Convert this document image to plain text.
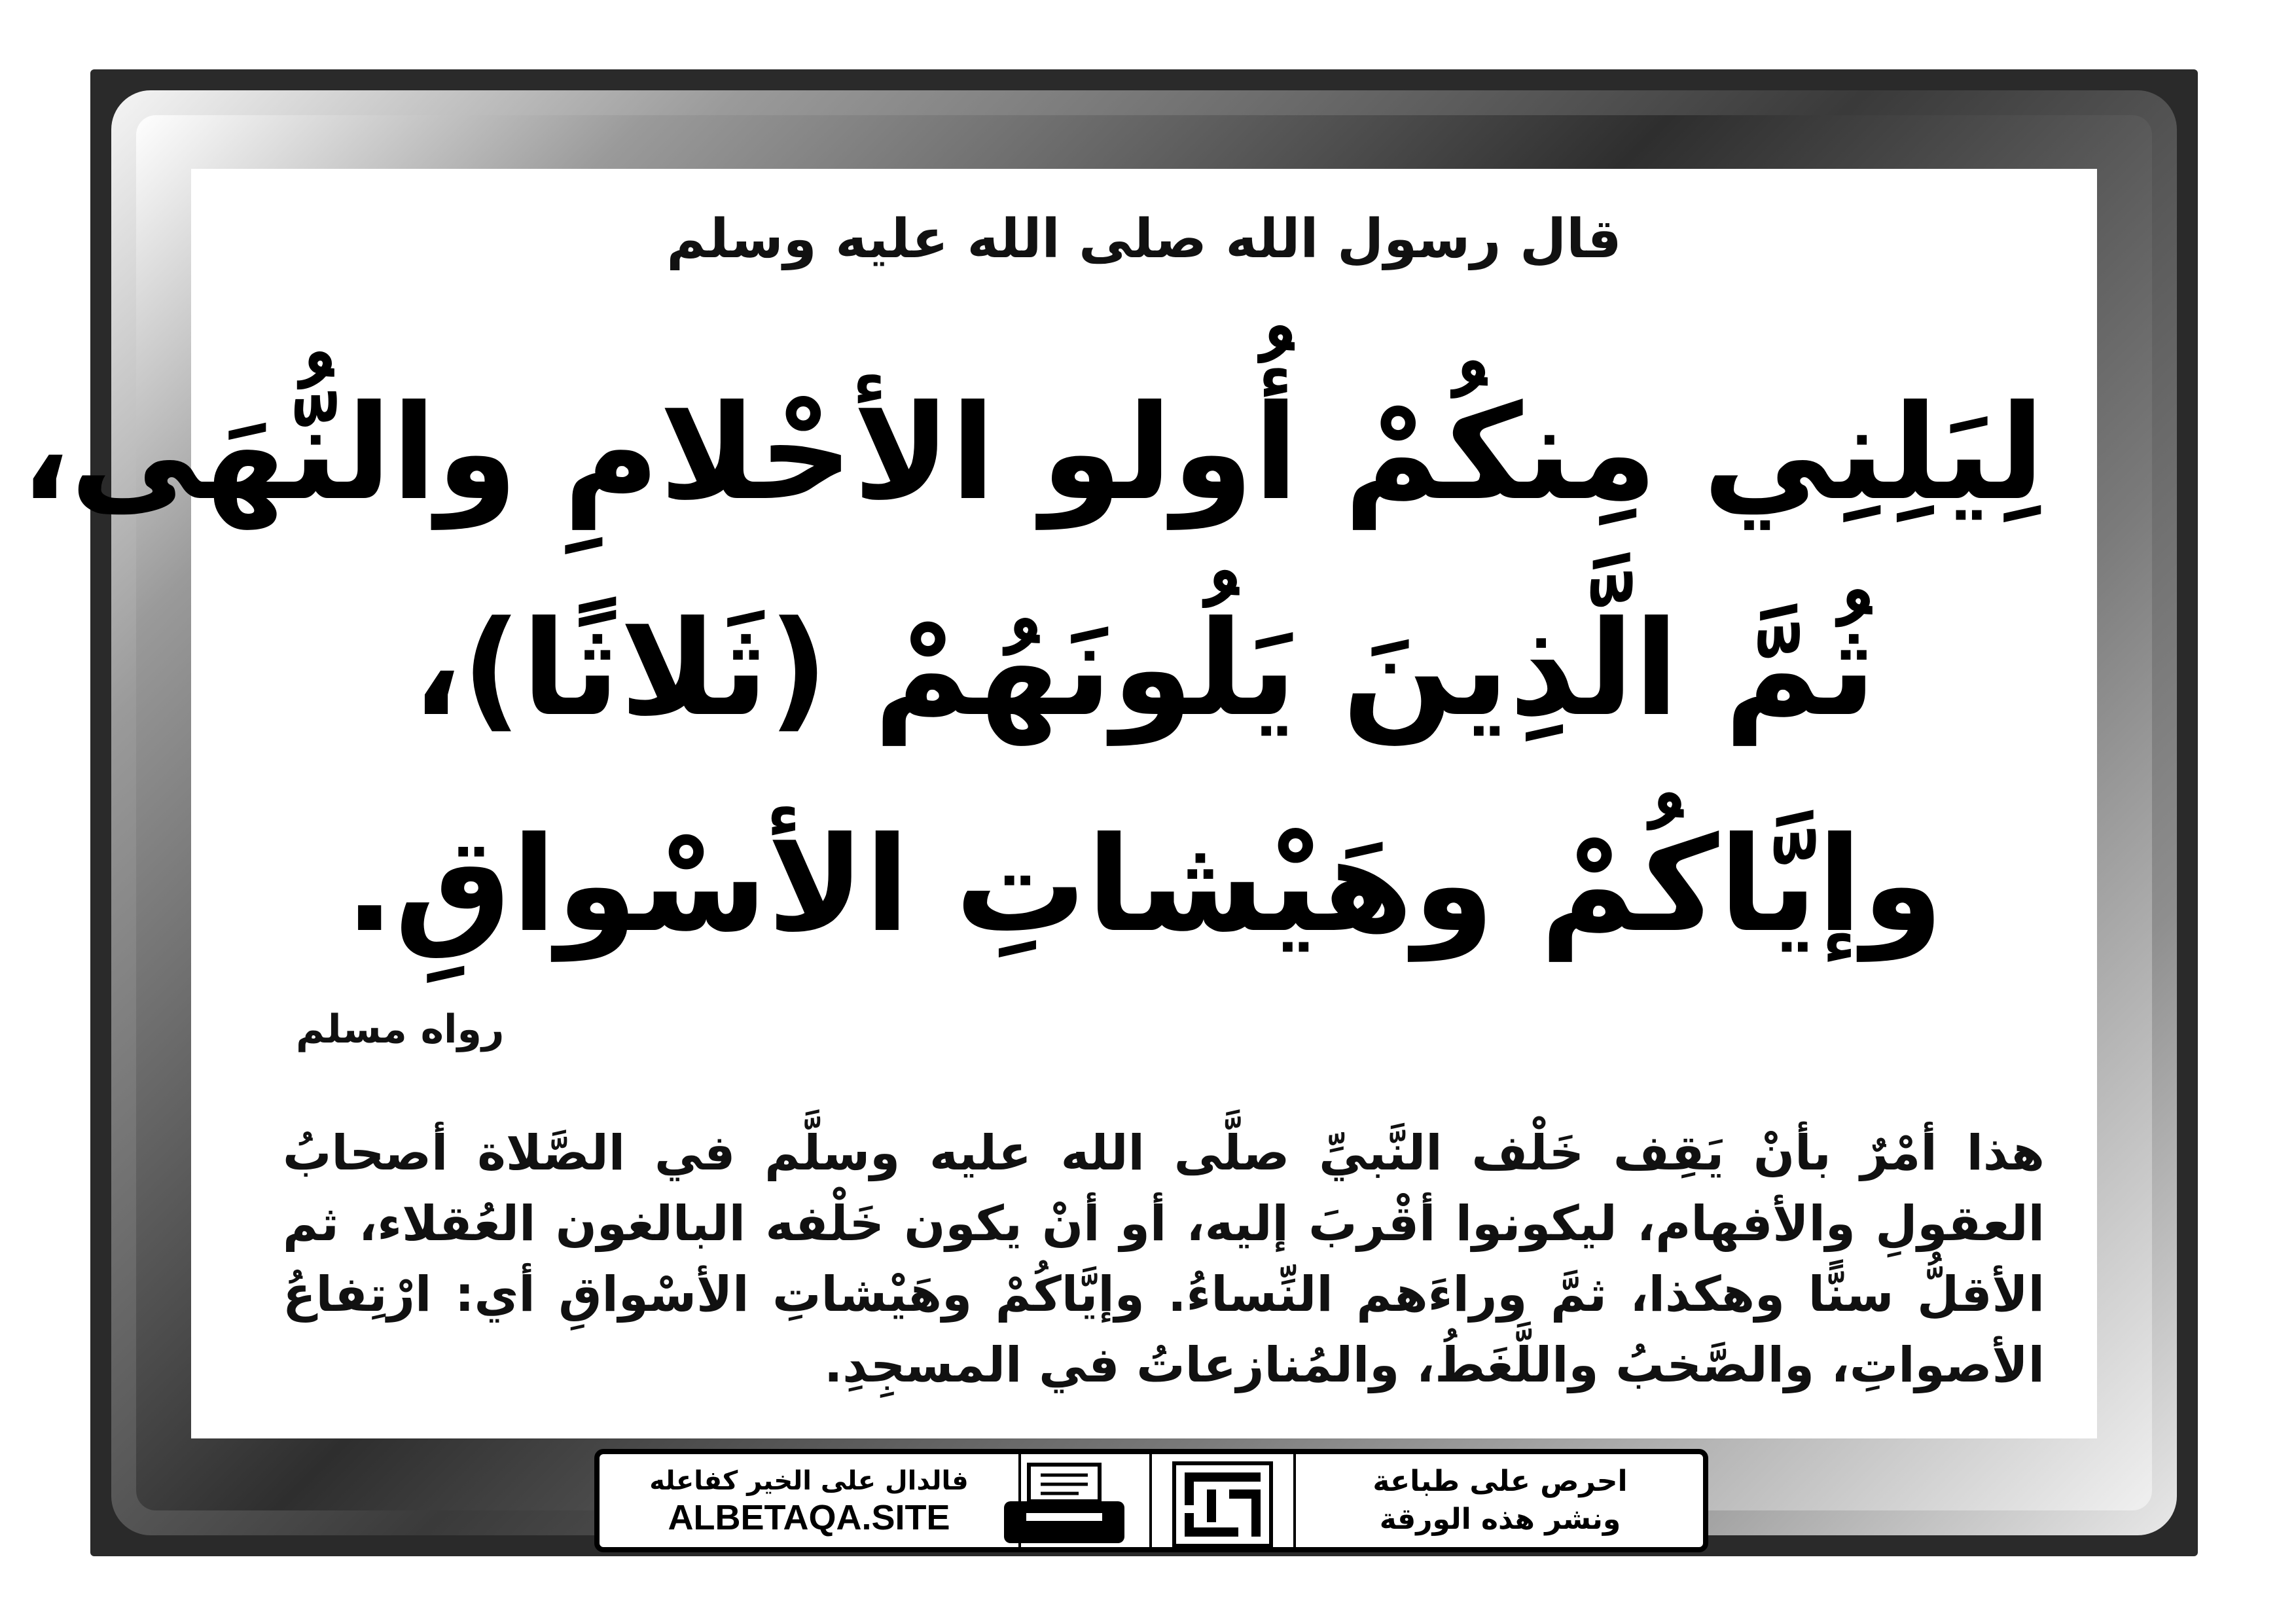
قال رسول الله صلى الله عليه وسلم
لِيَلِنِي مِنكُمْ أُولو الأحْلامِ والنُّهَى،
ثُمَّ الَّذِينَ يَلُونَهُمْ (ثَلاثًا)،
وإيَّاكُمْ وهَيْشاتِ الأسْواقِ.
رواه مسلم
هذا أمْرٌ بأنْ يَقِف خَلْف النَّبيِّ صلَّى الله عليه وسلَّم في الصَّلاة أصحابُ العقولِ والأفهام، ليكونوا أقْربَ إليه، أو أنْ يكون خَلْفه البالغون العُقلاء، ثم الأقلُّ سنًّا وهكذا، ثمَّ وراءَهم النِّساءُ. وإيَّاكُمْ وهَيْشاتِ الأسْواقِ أي: ارْتِفاعُ الأصواتِ، والصَّخبُ واللَّغَطُ، والمُنازعاتُ في المسجِدِ.
فالدال على الخير كفاعله
ALBETAQA.SITE
احرص على طباعة
ونشر هذه الورقة
